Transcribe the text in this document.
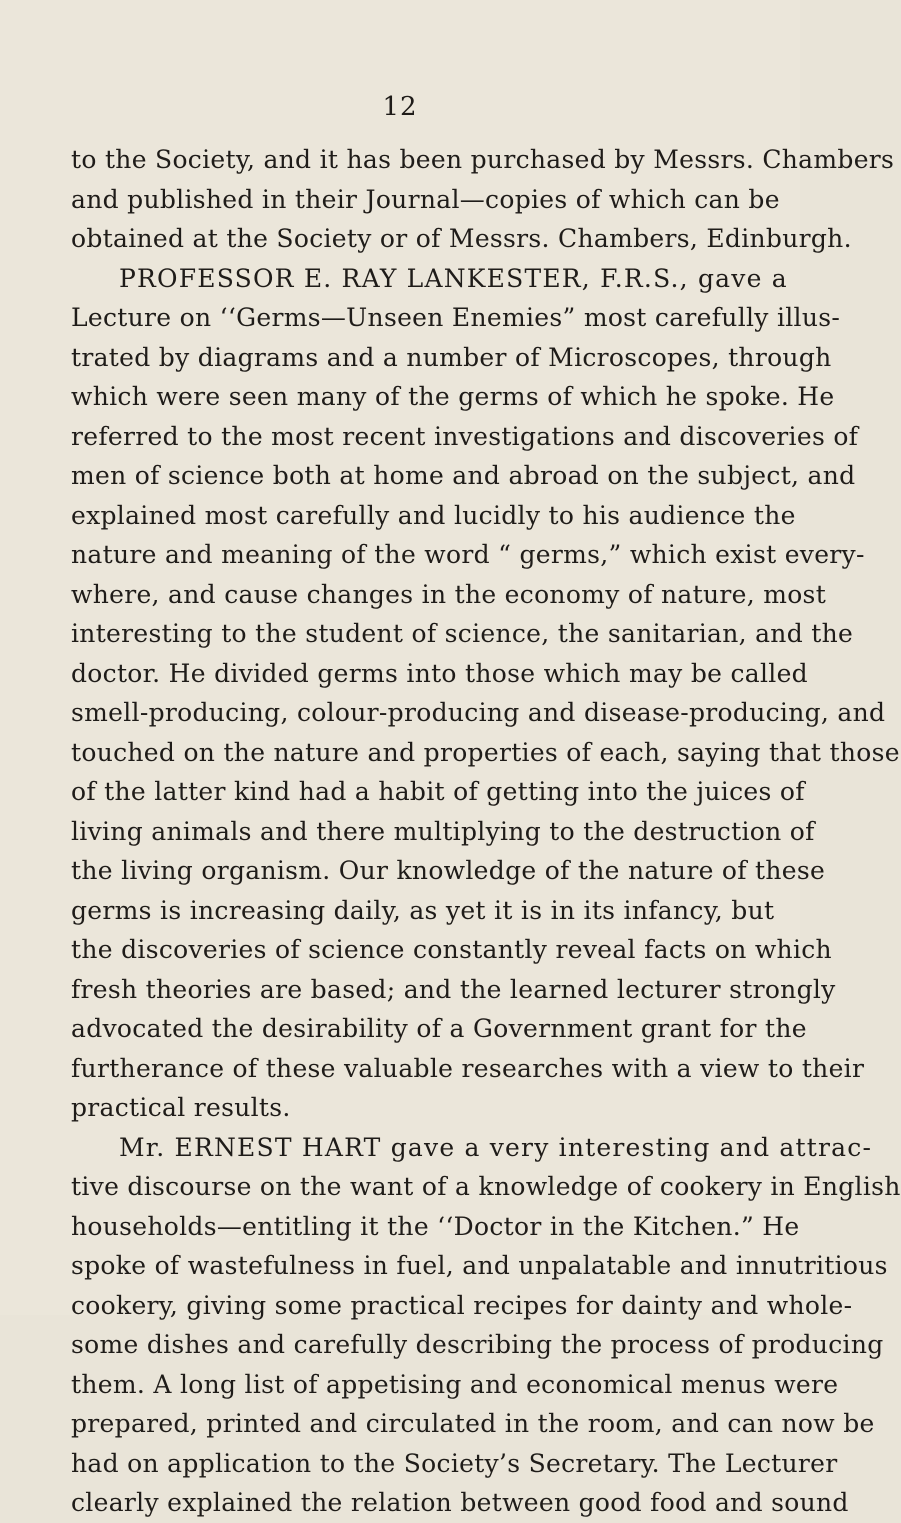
12
to the Society, and it has been purchased by Messrs. Chambers
and published in their Journal—copies of which can be
obtained at the Society or of Messrs. Chambers, Edinburgh.
PROFESSOR E. RAY LANKESTER, F.R.S., gave a
Lecture on ‘‘Germs—Unseen Enemies” most carefully illus-
trated by diagrams and a number of Microscopes, through
which were seen many of the germs of which he spoke. He
referred to the most recent investigations and discoveries of
men of science both at home and abroad on the subject, and
explained most carefully and lucidly to his audience the
nature and meaning of the word “ germs,” which exist every-
where, and cause changes in the economy of nature, most
interesting to the student of science, the sanitarian, and the
doctor. He divided germs into those which may be called
smell-producing, colour-producing and disease-producing, and
touched on the nature and properties of each, saying that those
of the latter kind had a habit of getting into the juices of
living animals and there multiplying to the destruction of
the living organism. Our knowledge of the nature of these
germs is increasing daily, as yet it is in its infancy, but
the discoveries of science constantly reveal facts on which
fresh theories are based; and the learned lecturer strongly
advocated the desirability of a Government grant for the
furtherance of these valuable researches with a view to their
practical results.
Mr. ERNEST HART gave a very interesting and attrac-
tive discourse on the want of a knowledge of cookery in English
households—entitling it the ‘‘Doctor in the Kitchen.” He
spoke of wastefulness in fuel, and unpalatable and innutritious
cookery, giving some practical recipes for dainty and whole-
some dishes and carefully describing the process of producing
them. A long list of appetising and economical menus were
prepared, printed and circulated in the room, and can now be
had on application to the Society’s Secretary. The Lecturer
clearly explained the relation between good food and sound
